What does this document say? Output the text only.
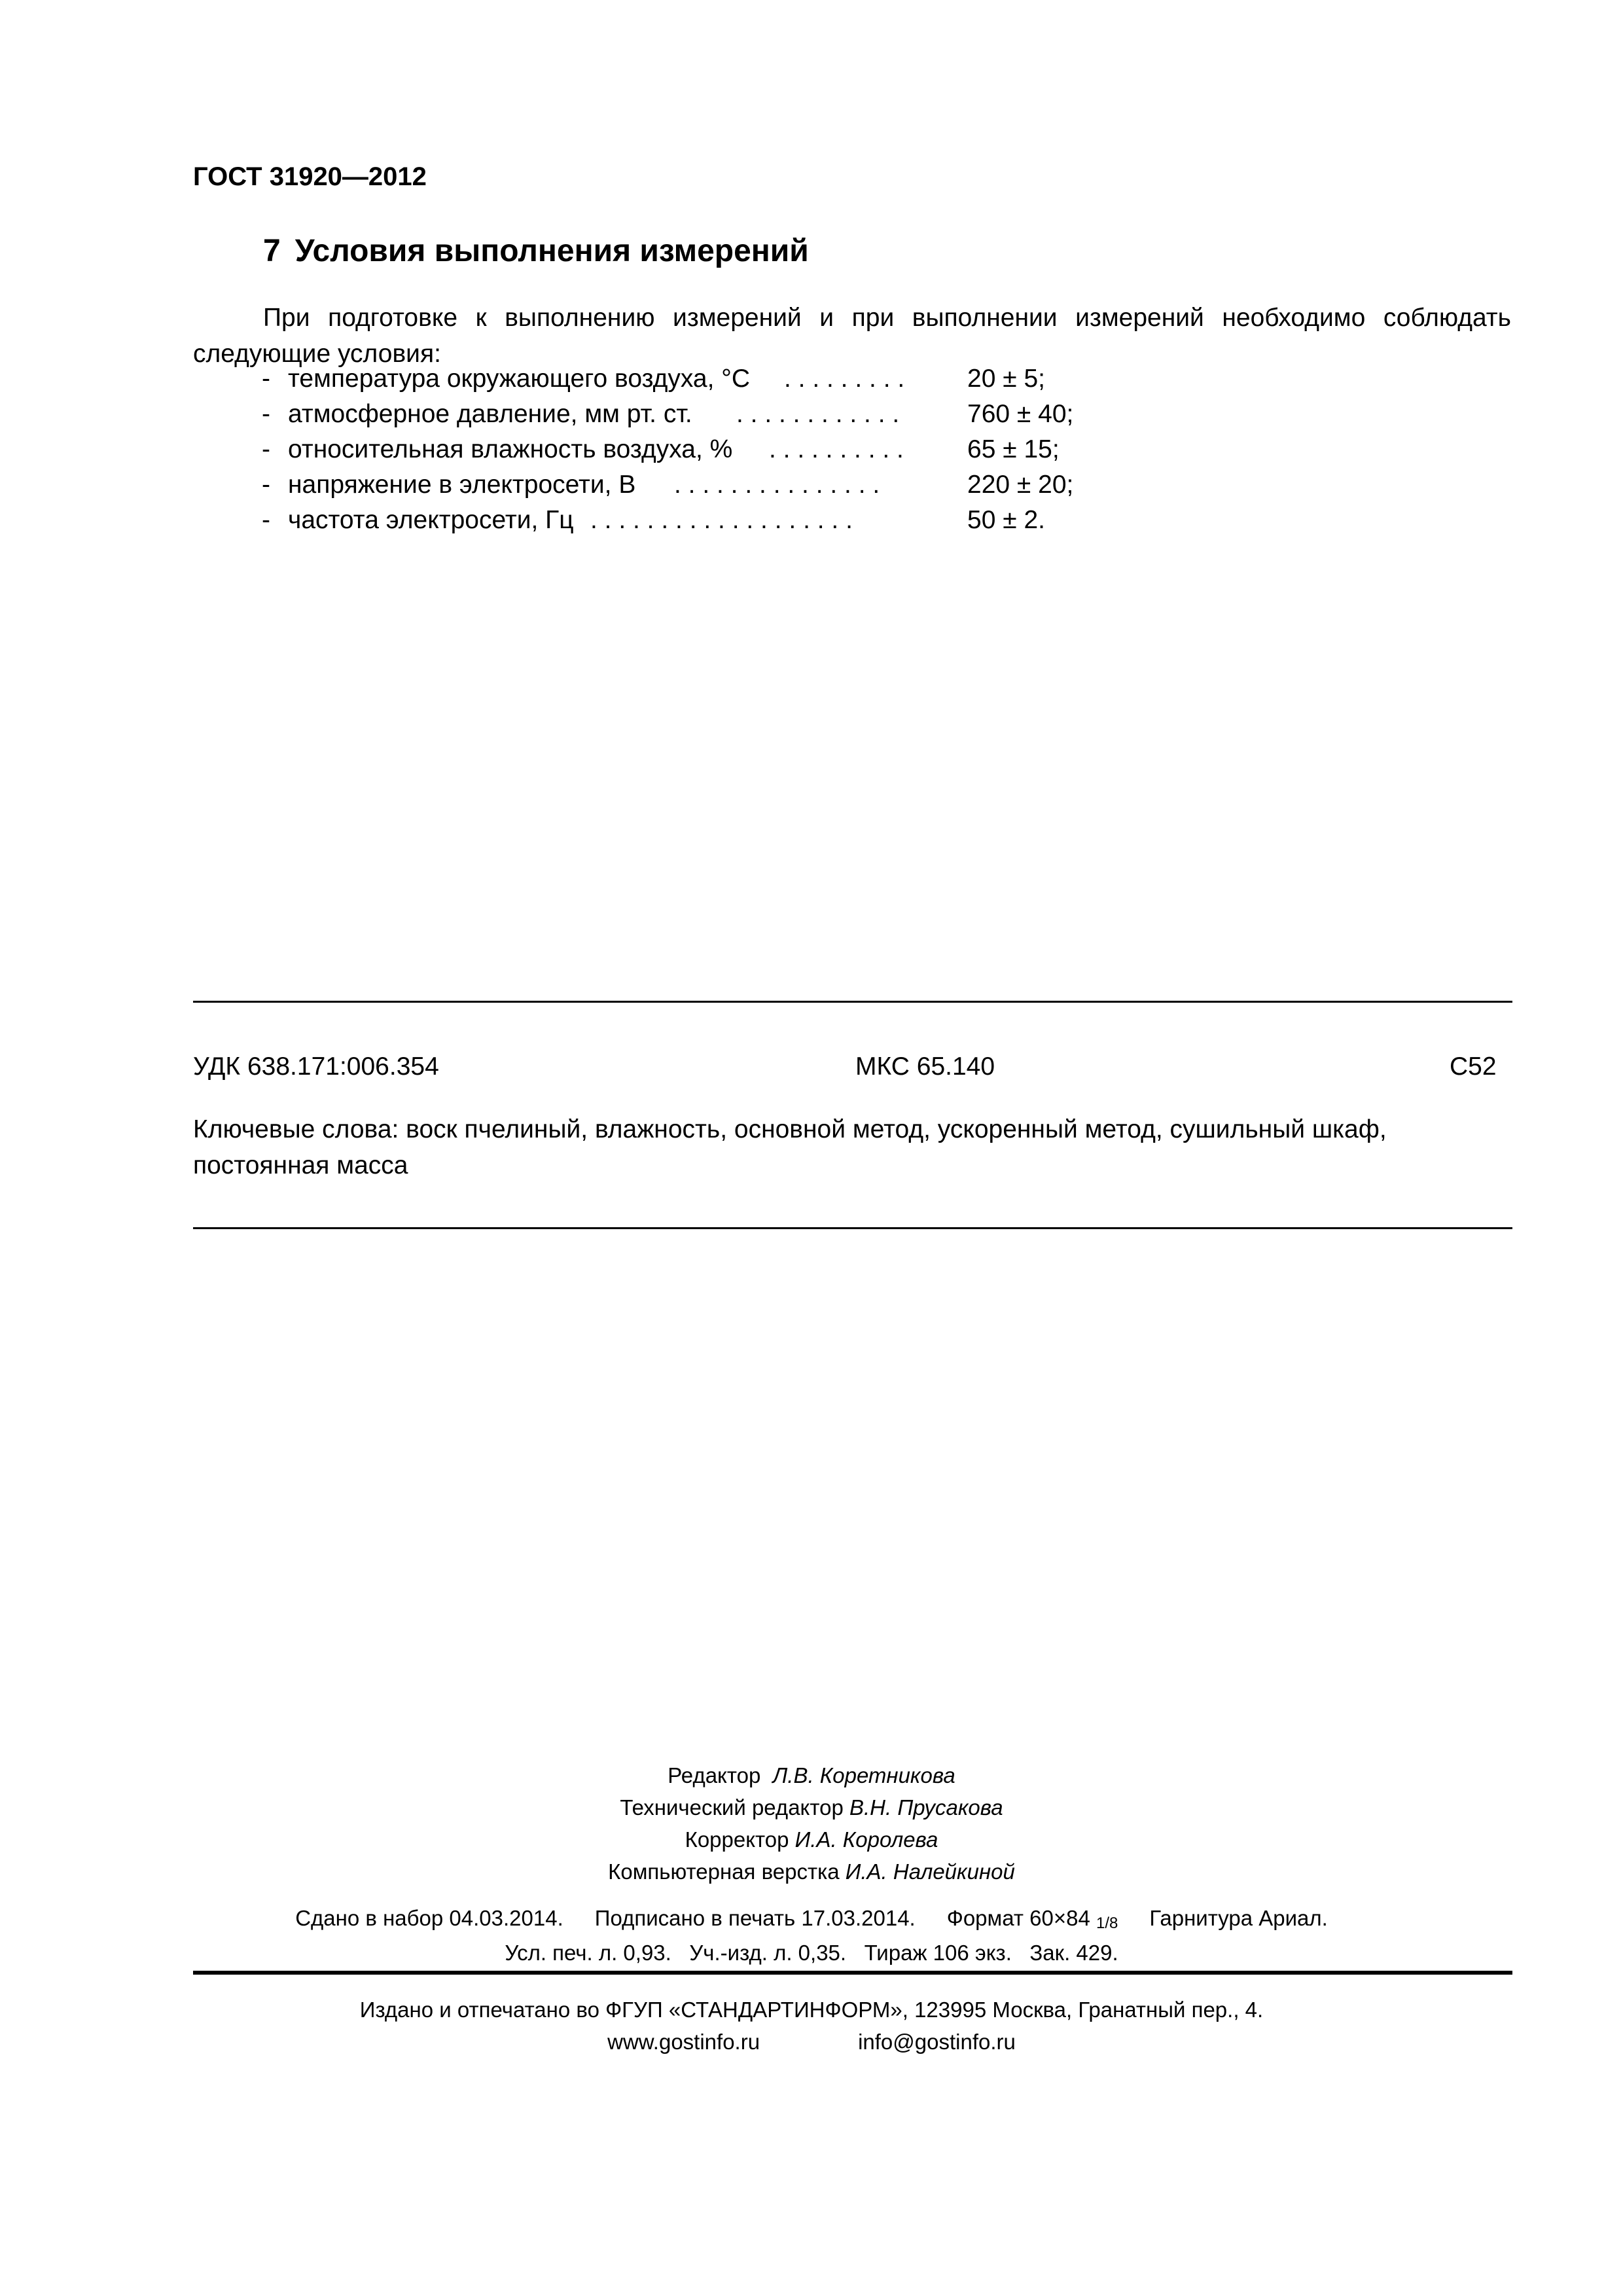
ГОСТ 31920—2012
7 Условия выполнения измерений
При подготовке к выполнению измерений и при выполнении измерений необходимо соблюдать следующие условия:
- температура окружающего воздуха, °С . . . . . . . . . 20 ± 5;
- атмосферное давление, мм рт. ст. . . . . . . . . . . . .	760 ± 40;
- относительная влажность воздуха, % . . . . . . . . . . 65 ± 15;
- напряжение в электросети, В . . . . . . . . . . . . . . .	220 ± 20;
- частота электросети, Гц . . . . . . . . . . . . . . . . . . .	50 ± 2.
УДК 638.171:006.354	МКС 65.140	С52
Ключевые слова: воск пчелиный, влажность, основной метод, ускоренный метод, сушильный шкаф, постоянная масса
Редактор Л.В. Коретникова
Технический редактор В.Н. Прусакова
Корректор И.А. Королева
Компьютерная верстка И.А. Налейкиной
Сдано в набор 04.03.2014. Подписано в печать 17.03.2014. Формат 60×84 1/8 Гарнитура Ариал.
Усл. печ. л. 0,93. Уч.-изд. л. 0,35. Тираж 106 экз. Зак. 429.
Издано и отпечатано во ФГУП «СТАНДАРТИНФОРМ», 123995 Москва, Гранатный пер., 4.
www.gostinfo.ru	info@gostinfo.ru
